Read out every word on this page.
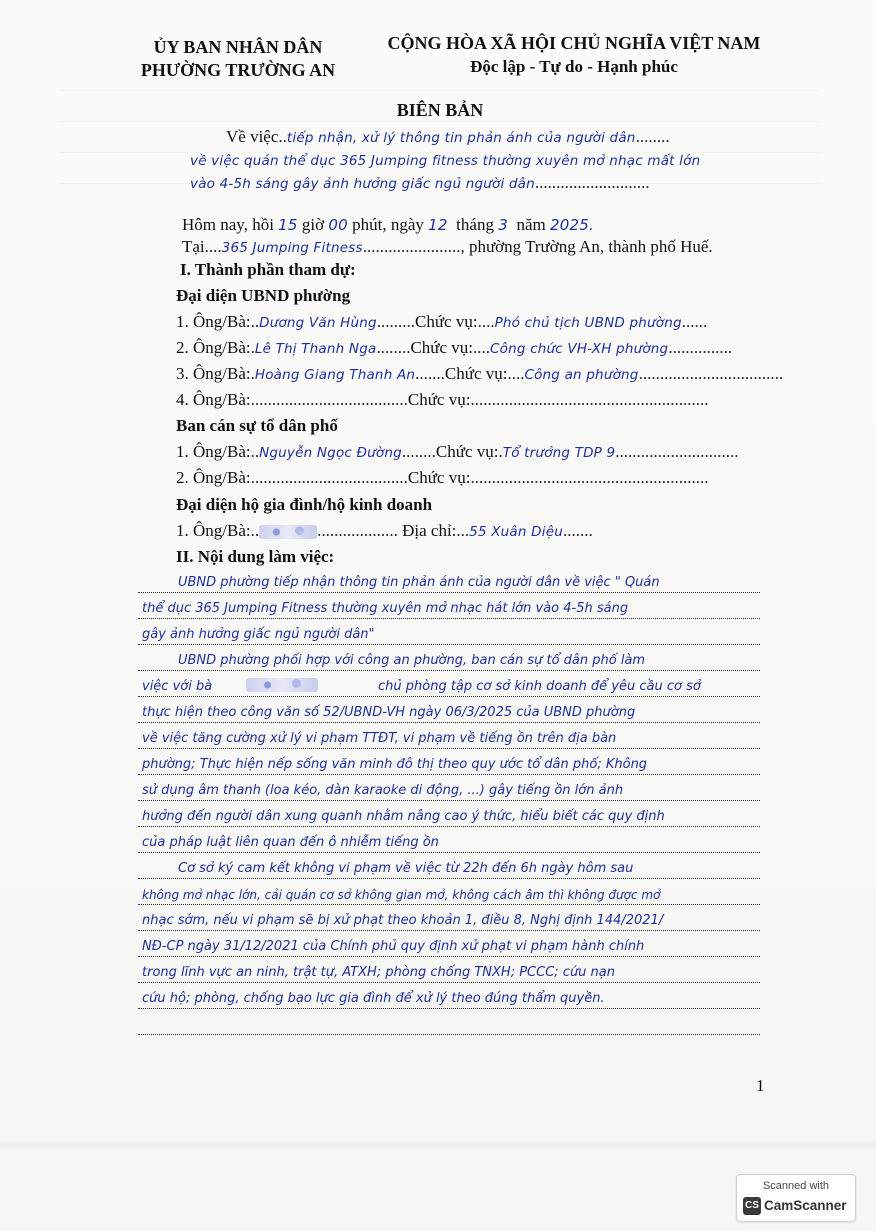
ỦY BAN NHÂN DÂN
PHƯỜNG TRƯỜNG AN
CỘNG HÒA XÃ HỘI CHỦ NGHĨA VIỆT NAM
Độc lập - Tự do - Hạnh phúc
BIÊN BẢN
Về việc..tiếp nhận, xử lý thông tin phản ánh của người dân........
về việc quán thể dục 365 Jumping fitness thường xuyên mở nhạc mất lớn
vào 4-5h sáng gây ảnh hưởng giấc ngủ người dân...........................
Hôm nay, hồi 15 giờ 00 phút, ngày 12 tháng 3 năm 2025.
Tại....365 Jumping Fitness......................., phường Trường An, thành phố Huế.
I. Thành phần tham dự:
Đại diện UBND phường
1. Ông/Bà:..Dương Văn Hùng.........Chức vụ:....Phó chủ tịch UBND phường......
2. Ông/Bà:.Lê Thị Thanh Nga........Chức vụ:....Công chức VH-XH phường...............
3. Ông/Bà:.Hoàng Giang Thanh An.......Chức vụ:....Công an phường..................................
4. Ông/Bà:.....................................Chức vụ:........................................................
Ban cán sự tổ dân phố
1. Ông/Bà:..Nguyễn Ngọc Đường........Chức vụ:.Tổ trưởng TDP 9.............................
2. Ông/Bà:.....................................Chức vụ:........................................................
Đại diện hộ gia đình/hộ kinh doanh
1. Ông/Bà:..	................... Địa chỉ:...55 Xuân Diệu.......
II. Nội dung làm việc:
UBND phường tiếp nhận thông tin phản ánh của người dân về việc " Quán
thể dục 365 Jumping Fitness thường xuyên mở nhạc hát lớn vào 4-5h sáng
gây ảnh hưởng giấc ngủ người dân"
UBND phường phối hợp với công an phường, ban cán sự tổ dân phố làm
việc với bà	chủ phòng tập cơ sở kinh doanh để yêu cầu cơ sở
thực hiện theo công văn số 52/UBND-VH ngày 06/3/2025 của UBND phường
về việc tăng cường xử lý vi phạm TTĐT, vi phạm về tiếng ồn trên địa bàn
phường; Thực hiện nếp sống văn minh đô thị theo quy ước tổ dân phố; Không
sử dụng âm thanh (loa kéo, dàn karaoke di động, ...) gây tiếng ồn lớn ảnh
hưởng đến người dân xung quanh nhằm nâng cao ý thức, hiểu biết các quy định
của pháp luật liên quan đến ô nhiễm tiếng ồn
Cơ sở ký cam kết không vi phạm về việc từ 22h đến 6h ngày hôm sau
không mở nhạc lớn, cải quán cơ sở không gian mở, không cách âm thì không được mở
nhạc sớm, nếu vi phạm sẽ bị xử phạt theo khoản 1, điều 8, Nghị định 144/2021/
NĐ-CP ngày 31/12/2021 của Chính phủ quy định xử phạt vi phạm hành chính
trong lĩnh vực an ninh, trật tự, ATXH; phòng chống TNXH; PCCC; cứu nạn
cứu hộ; phòng, chống bạo lực gia đình để xử lý theo đúng thẩm quyền.
1
Scanned with
CS CamScanner
